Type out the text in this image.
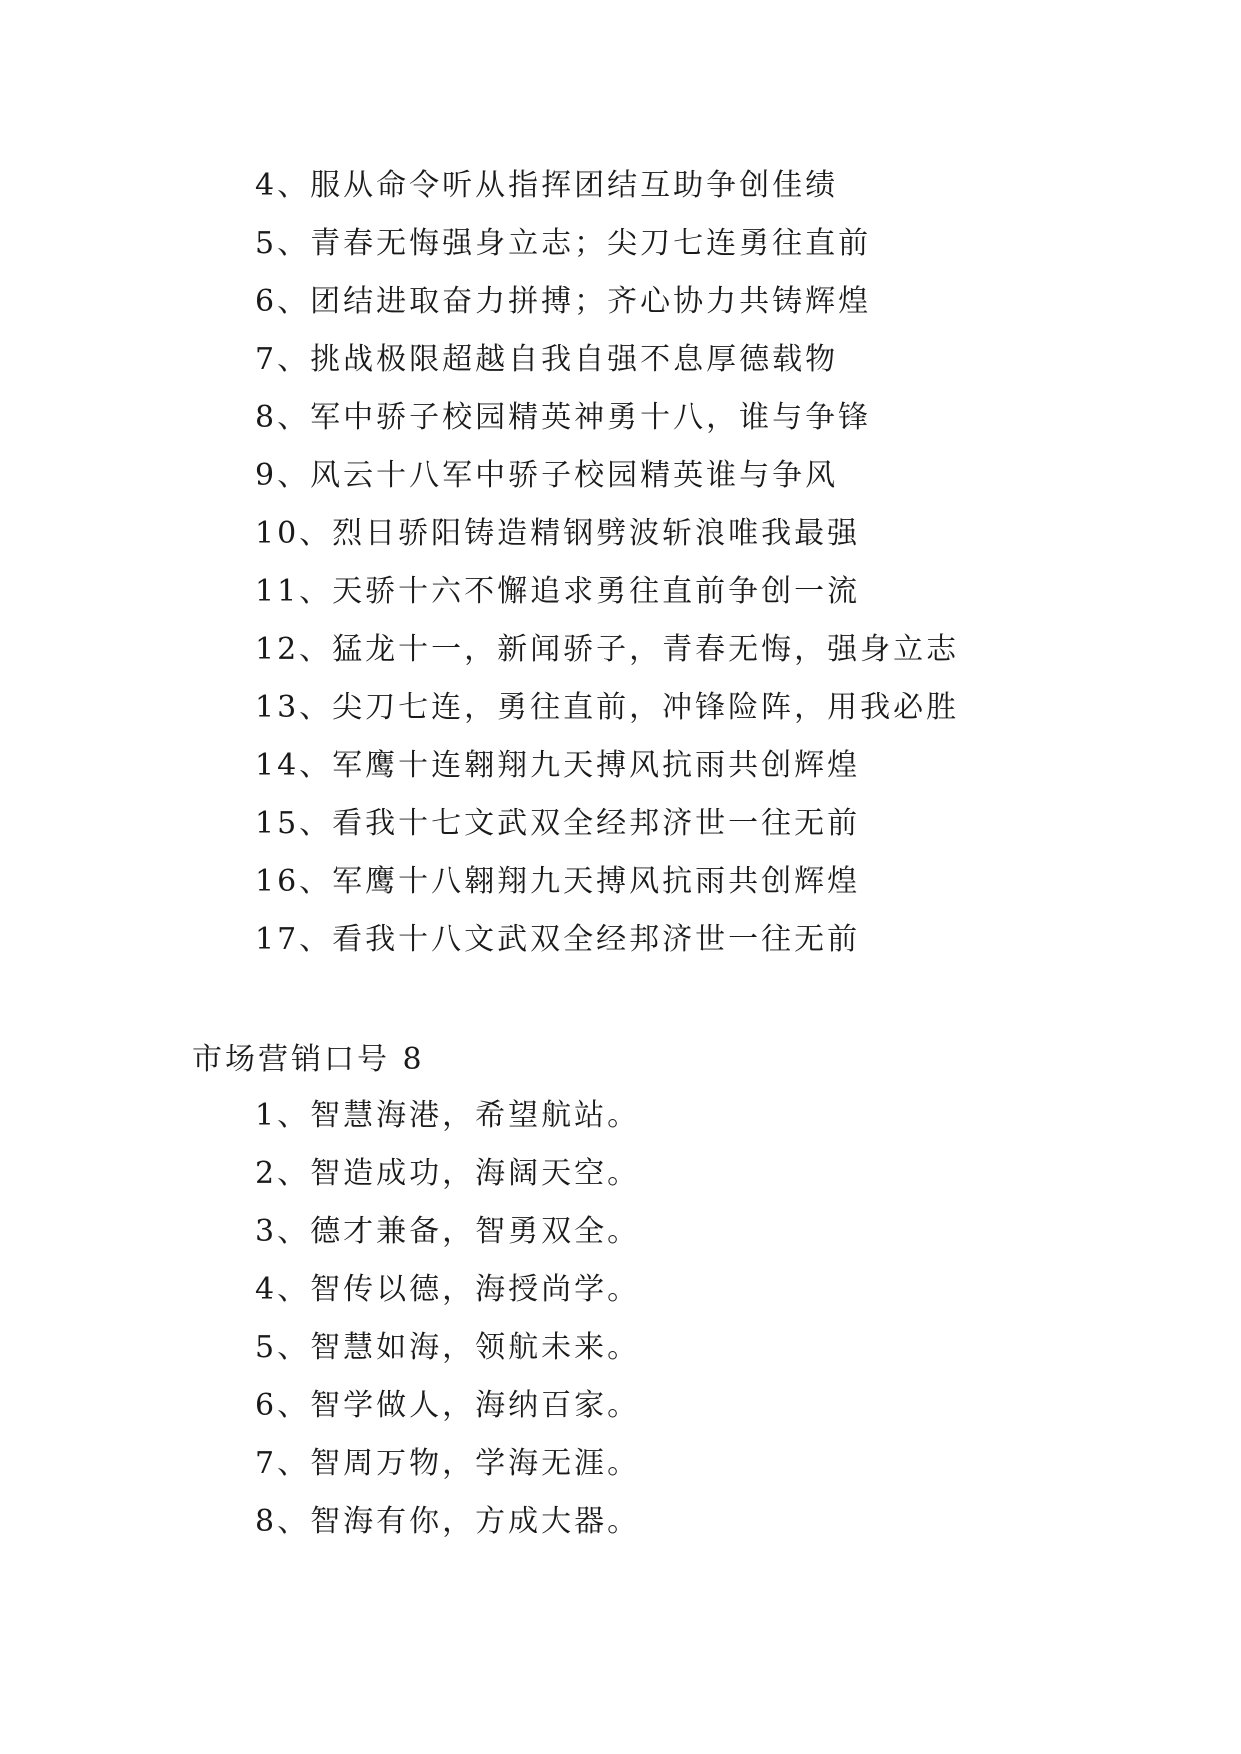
4、服从命令听从指挥团结互助争创佳绩
5、青春无悔强身立志；尖刀七连勇往直前
6、团结进取奋力拼搏；齐心协力共铸辉煌
7、挑战极限超越自我自强不息厚德载物
8、军中骄子校园精英神勇十八，谁与争锋
9、风云十八军中骄子校园精英谁与争风
10、烈日骄阳铸造精钢劈波斩浪唯我最强
11、天骄十六不懈追求勇往直前争创一流
12、猛龙十一，新闻骄子，青春无悔，强身立志
13、尖刀七连，勇往直前，冲锋险阵，用我必胜
14、军鹰十连翱翔九天搏风抗雨共创辉煌
15、看我十七文武双全经邦济世一往无前
16、军鹰十八翱翔九天搏风抗雨共创辉煌
17、看我十八文武双全经邦济世一往无前
市场营销口号 8
1、智慧海港，希望航站。
2、智造成功，海阔天空。
3、德才兼备，智勇双全。
4、智传以德，海授尚学。
5、智慧如海，领航未来。
6、智学做人，海纳百家。
7、智周万物，学海无涯。
8、智海有你，方成大器。
